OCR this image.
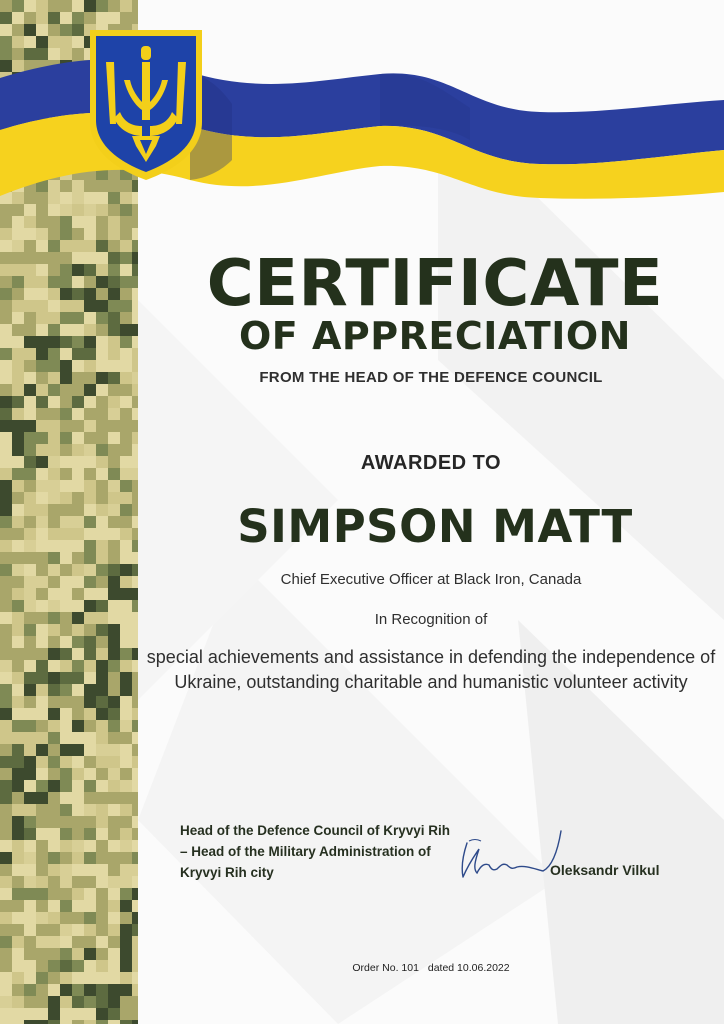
CERTIFICATE
OF APPRECIATION
FROM THE HEAD OF THE DEFENCE COUNCIL
AWARDED TO
SIMPSON MATT
Chief Executive Officer at Black Iron, Canada
In Recognition of
special achievements and assistance in defending the independence of Ukraine, outstanding charitable and humanistic volunteer activity
Head of the Defence Council of Kryvyi Rih – Head of the Military Administration of Kryvyi Rih city	Oleksandr Vilkul
Order No. 101 dated 10.06.2022
